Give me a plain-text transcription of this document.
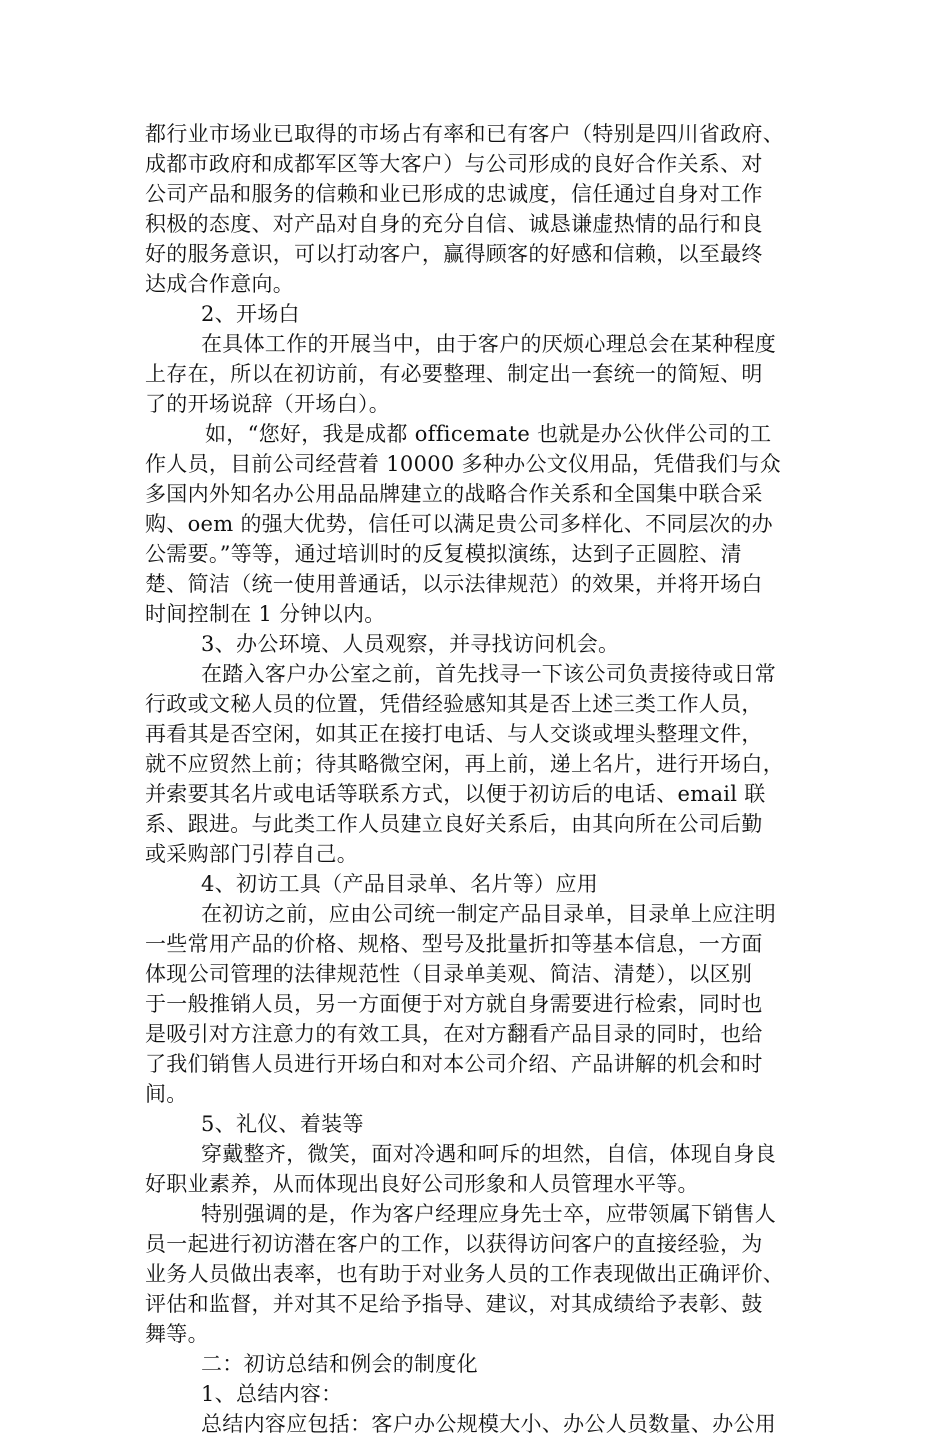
都行业市场业已取得的市场占有率和已有客户（特别是四川省政府、
成都市政府和成都军区等大客户）与公司形成的良好合作关系、对
公司产品和服务的信赖和业已形成的忠诚度，信任通过自身对工作
积极的态度、对产品对自身的充分自信、诚恳谦虚热情的品行和良
好的服务意识，可以打动客户，赢得顾客的好感和信赖，以至最终
达成合作意向。
2、开场白
在具体工作的开展当中，由于客户的厌烦心理总会在某种程度
上存在，所以在初访前，有必要整理、制定出一套统一的简短、明
了的开场说辞（开场白）。
如，“您好，我是成都 officemate 也就是办公伙伴公司的工
作人员，目前公司经营着 10000 多种办公文仪用品，凭借我们与众
多国内外知名办公用品品牌建立的战略合作关系和全国集中联合采
购、oem 的强大优势，信任可以满足贵公司多样化、不同层次的办
公需要。”等等，通过培训时的反复模拟演练，达到子正圆腔、清
楚、简洁（统一使用普通话，以示法律规范）的效果，并将开场白
时间控制在 1 分钟以内。
3、办公环境、人员观察，并寻找访问机会。
在踏入客户办公室之前，首先找寻一下该公司负责接待或日常
行政或文秘人员的位置，凭借经验感知其是否上述三类工作人员，
再看其是否空闲，如其正在接打电话、与人交谈或埋头整理文件，
就不应贸然上前；待其略微空闲，再上前，递上名片，进行开场白，
并索要其名片或电话等联系方式，以便于初访后的电话、email 联
系、跟进。与此类工作人员建立良好关系后，由其向所在公司后勤
或采购部门引荐自己。
4、初访工具（产品目录单、名片等）应用
在初访之前，应由公司统一制定产品目录单，目录单上应注明
一些常用产品的价格、规格、型号及批量折扣等基本信息，一方面
体现公司管理的法律规范性（目录单美观、简洁、清楚），以区别
于一般推销人员，另一方面便于对方就自身需要进行检索，同时也
是吸引对方注意力的有效工具，在对方翻看产品目录的同时，也给
了我们销售人员进行开场白和对本公司介绍、产品讲解的机会和时
间。
5、礼仪、着装等
穿戴整齐，微笑，面对冷遇和呵斥的坦然，自信，体现自身良
好职业素养，从而体现出良好公司形象和人员管理水平等。
特别强调的是，作为客户经理应身先士卒，应带领属下销售人
员一起进行初访潜在客户的工作，以获得访问客户的直接经验，为
业务人员做出表率，也有助于对业务人员的工作表现做出正确评价、
评估和监督，并对其不足给予指导、建议，对其成绩给予表彰、鼓
舞等。
二：初访总结和例会的制度化
1、总结内容：
总结内容应包括：客户办公规模大小、办公人员数量、办公用
